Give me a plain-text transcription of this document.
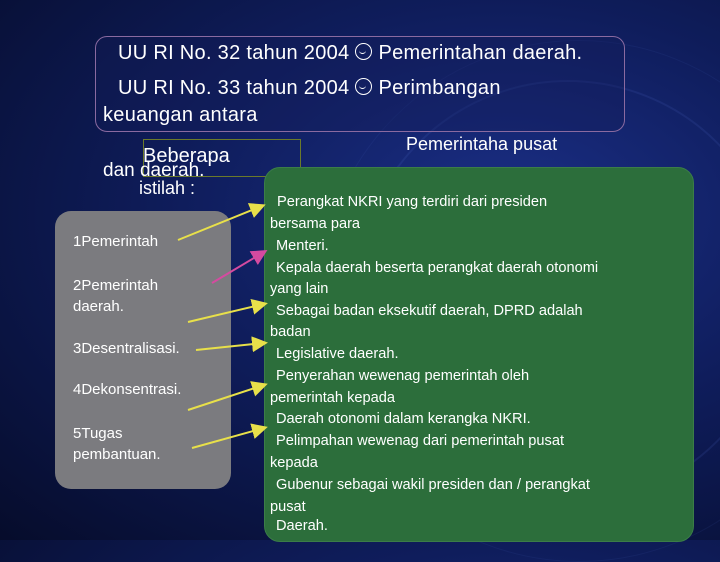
UU RI No. 32 tahun 2004 Pemerintahan daerah.
UU RI No. 33 tahun 2004 Perimbangan
keuangan antara
Pemerintaha pusat
Beberapa
dan daerah.
istilah :
1Pemerintah
2Pemerintah
daerah.
3Desentralisasi.
4Dekonsentrasi.
5Tugas
pembantuan.
Perangkat NKRI yang terdiri dari presiden
bersama para
Menteri.
Kepala daerah beserta perangkat daerah otonomi
yang lain
Sebagai badan eksekutif daerah, DPRD adalah
badan
Legislative daerah.
Penyerahan wewenag pemerintah oleh
pemerintah kepada
Daerah otonomi dalam kerangka NKRI.
Pelimpahan wewenag dari pemerintah pusat
kepada
Gubenur sebagai wakil presiden dan / perangkat
pusat
Daerah.
